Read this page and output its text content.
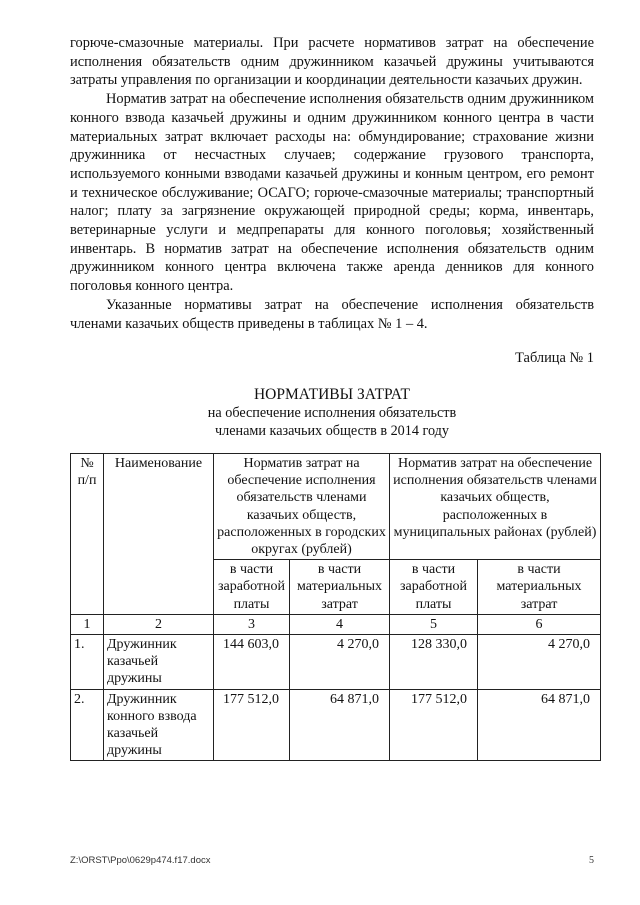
горюче-смазочные материалы. При расчете нормативов затрат на обеспечение исполнения обязательств одним дружинником казачьей дружины учитываются затраты управления по организации и координации деятельности казачьих дружин.

Норматив затрат на обеспечение исполнения обязательств одним дружинником конного взвода казачьей дружины и одним дружинником конного центра в части материальных затрат включает расходы на: обмундирование; страхование жизни дружинника от несчастных случаев; содержание грузового транспорта, используемого конными взводами казачьей дружины и конным центром, его ремонт и техническое обслуживание; ОСАГО; горюче-смазочные материалы; транспортный налог; плату за загрязнение окружающей природной среды; корма, инвентарь, ветеринарные услуги и медпрепараты для конного поголовья; хозяйственный инвентарь. В норматив затрат на обеспечение исполнения обязательств одним дружинником конного центра включена также аренда денников для конного поголовья конного центра.

Указанные нормативы затрат на обеспечение исполнения обязательств членами казачьих обществ приведены в таблицах № 1 – 4.

Таблица № 1
НОРМАТИВЫ ЗАТРАТ
на обеспечение исполнения обязательств
членами казачьих обществ в 2014 году
№ п/п	Наименование	Норматив затрат на обеспечение исполнения обязательств членами казачьих обществ, расположенных в городских округах (рублей)		Норматив затрат на обеспечение исполнения обязательств членами казачьих обществ, расположенных в муниципальных районах (рублей)	
		в части заработной платы	в части материальных затрат	в части заработной платы	в части материальных затрат
1	2	3	4	5	6
1.	Дружинник казачьей дружины	144 603,0	4 270,0	128 330,0	4 270,0
2.	Дружинник конного взвода казачьей дружины	177 512,0	64 871,0	177 512,0	64 871,0
Z:\ORST\Ppo\0629p474.f17.docx	5
